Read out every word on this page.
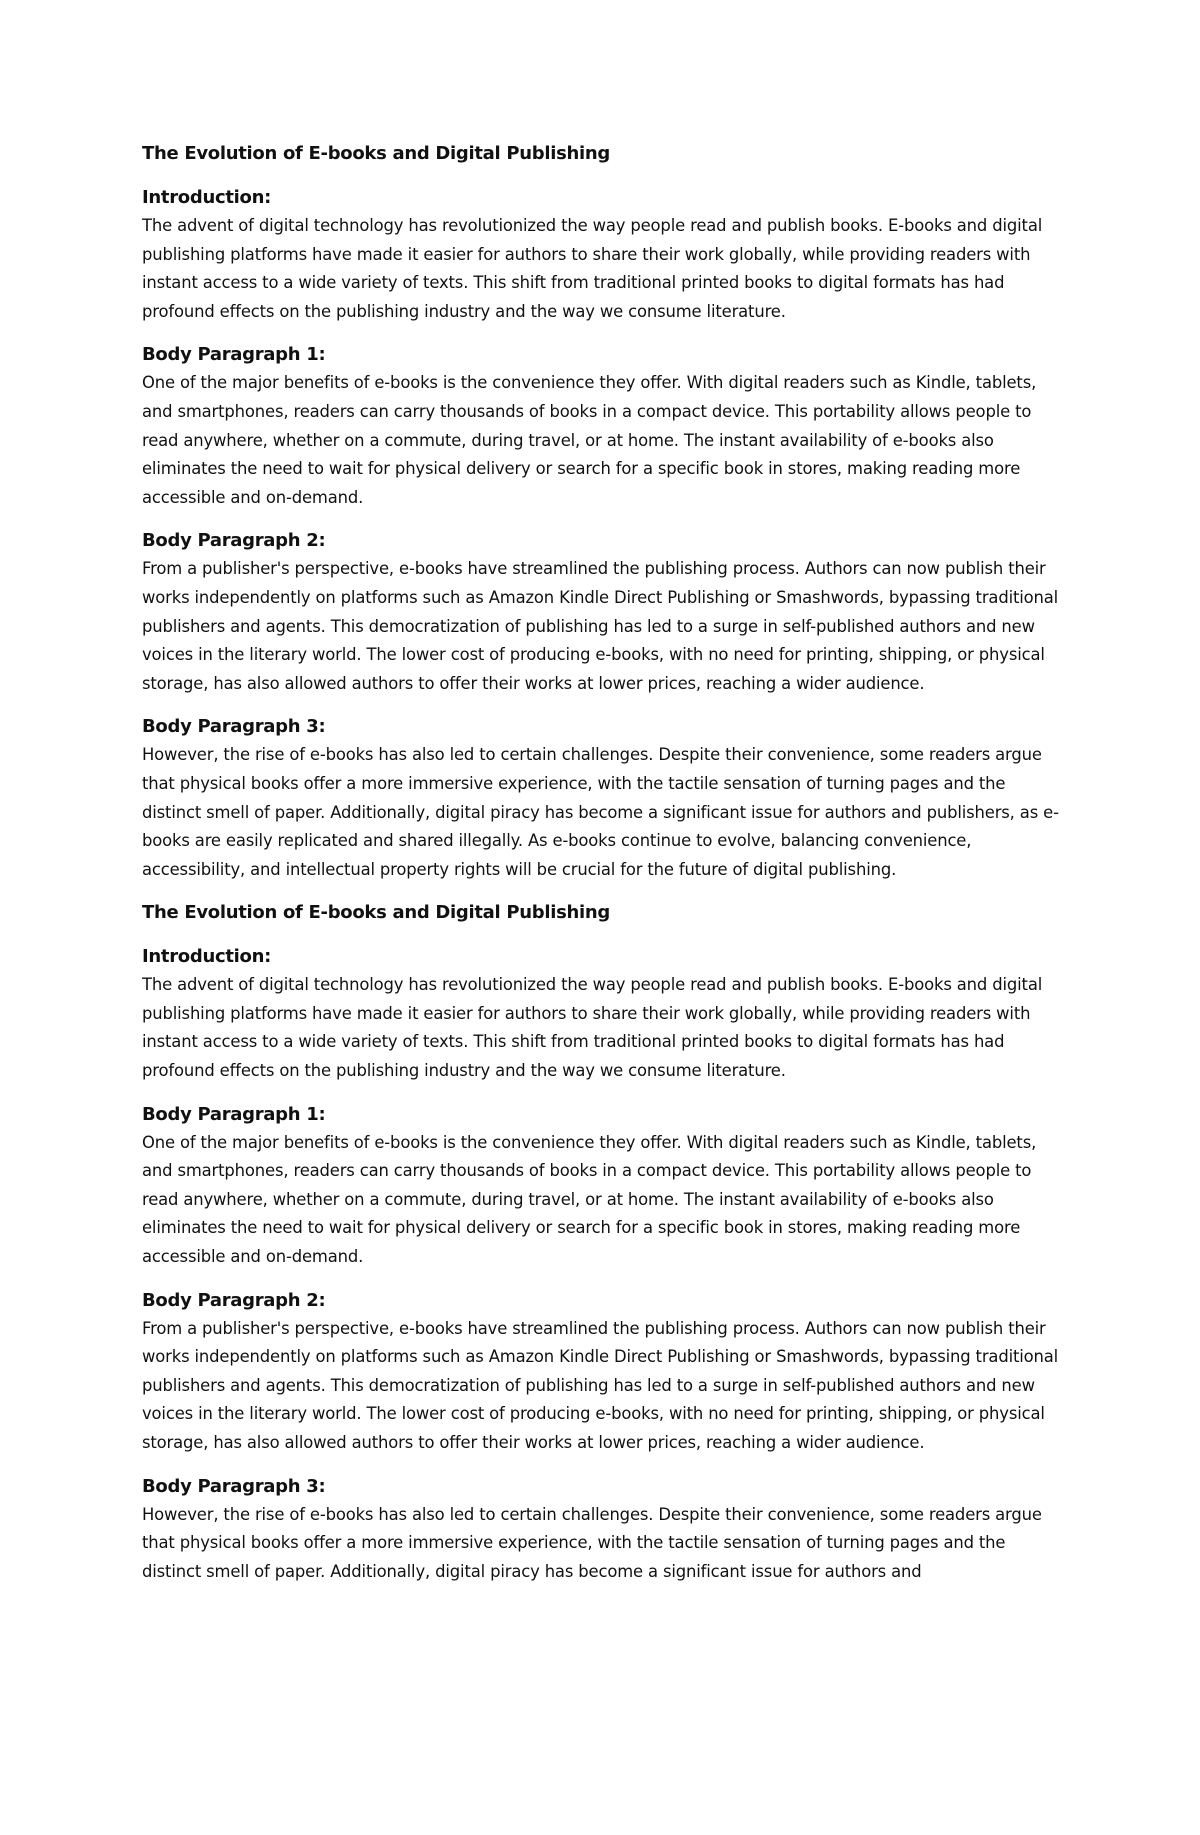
The Evolution of E-books and Digital Publishing
Introduction:

The advent of digital technology has revolutionized the way people read and publish books. E-books and digital publishing platforms have made it easier for authors to share their work globally, while providing readers with instant access to a wide variety of texts. This shift from traditional printed books to digital formats has had profound effects on the publishing industry and the way we consume literature.

Body Paragraph 1:

One of the major benefits of e-books is the convenience they offer. With digital readers such as Kindle, tablets, and smartphones, readers can carry thousands of books in a compact device. This portability allows people to read anywhere, whether on a commute, during travel, or at home. The instant availability of e-books also eliminates the need to wait for physical delivery or search for a specific book in stores, making reading more accessible and on-demand.

Body Paragraph 2:

From a publisher's perspective, e-books have streamlined the publishing process. Authors can now publish their works independently on platforms such as Amazon Kindle Direct Publishing or Smashwords, bypassing traditional publishers and agents. This democratization of publishing has led to a surge in self-published authors and new voices in the literary world. The lower cost of producing e-books, with no need for printing, shipping, or physical storage, has also allowed authors to offer their works at lower prices, reaching a wider audience.

Body Paragraph 3:

However, the rise of e-books has also led to certain challenges. Despite their convenience, some readers argue that physical books offer a more immersive experience, with the tactile sensation of turning pages and the distinct smell of paper. Additionally, digital piracy has become a significant issue for authors and publishers, as e-books are easily replicated and shared illegally. As e-books continue to evolve, balancing convenience, accessibility, and intellectual property rights will be crucial for the future of digital publishing.

The Evolution of E-books and Digital Publishing
Introduction:

The advent of digital technology has revolutionized the way people read and publish books. E-books and digital publishing platforms have made it easier for authors to share their work globally, while providing readers with instant access to a wide variety of texts. This shift from traditional printed books to digital formats has had profound effects on the publishing industry and the way we consume literature.

Body Paragraph 1:

One of the major benefits of e-books is the convenience they offer. With digital readers such as Kindle, tablets, and smartphones, readers can carry thousands of books in a compact device. This portability allows people to read anywhere, whether on a commute, during travel, or at home. The instant availability of e-books also eliminates the need to wait for physical delivery or search for a specific book in stores, making reading more accessible and on-demand.

Body Paragraph 2:

From a publisher's perspective, e-books have streamlined the publishing process. Authors can now publish their works independently on platforms such as Amazon Kindle Direct Publishing or Smashwords, bypassing traditional publishers and agents. This democratization of publishing has led to a surge in self-published authors and new voices in the literary world. The lower cost of producing e-books, with no need for printing, shipping, or physical storage, has also allowed authors to offer their works at lower prices, reaching a wider audience.

Body Paragraph 3:

However, the rise of e-books has also led to certain challenges. Despite their convenience, some readers argue that physical books offer a more immersive experience, with the tactile sensation of turning pages and the distinct smell of paper. Additionally, digital piracy has become a significant issue for authors and
